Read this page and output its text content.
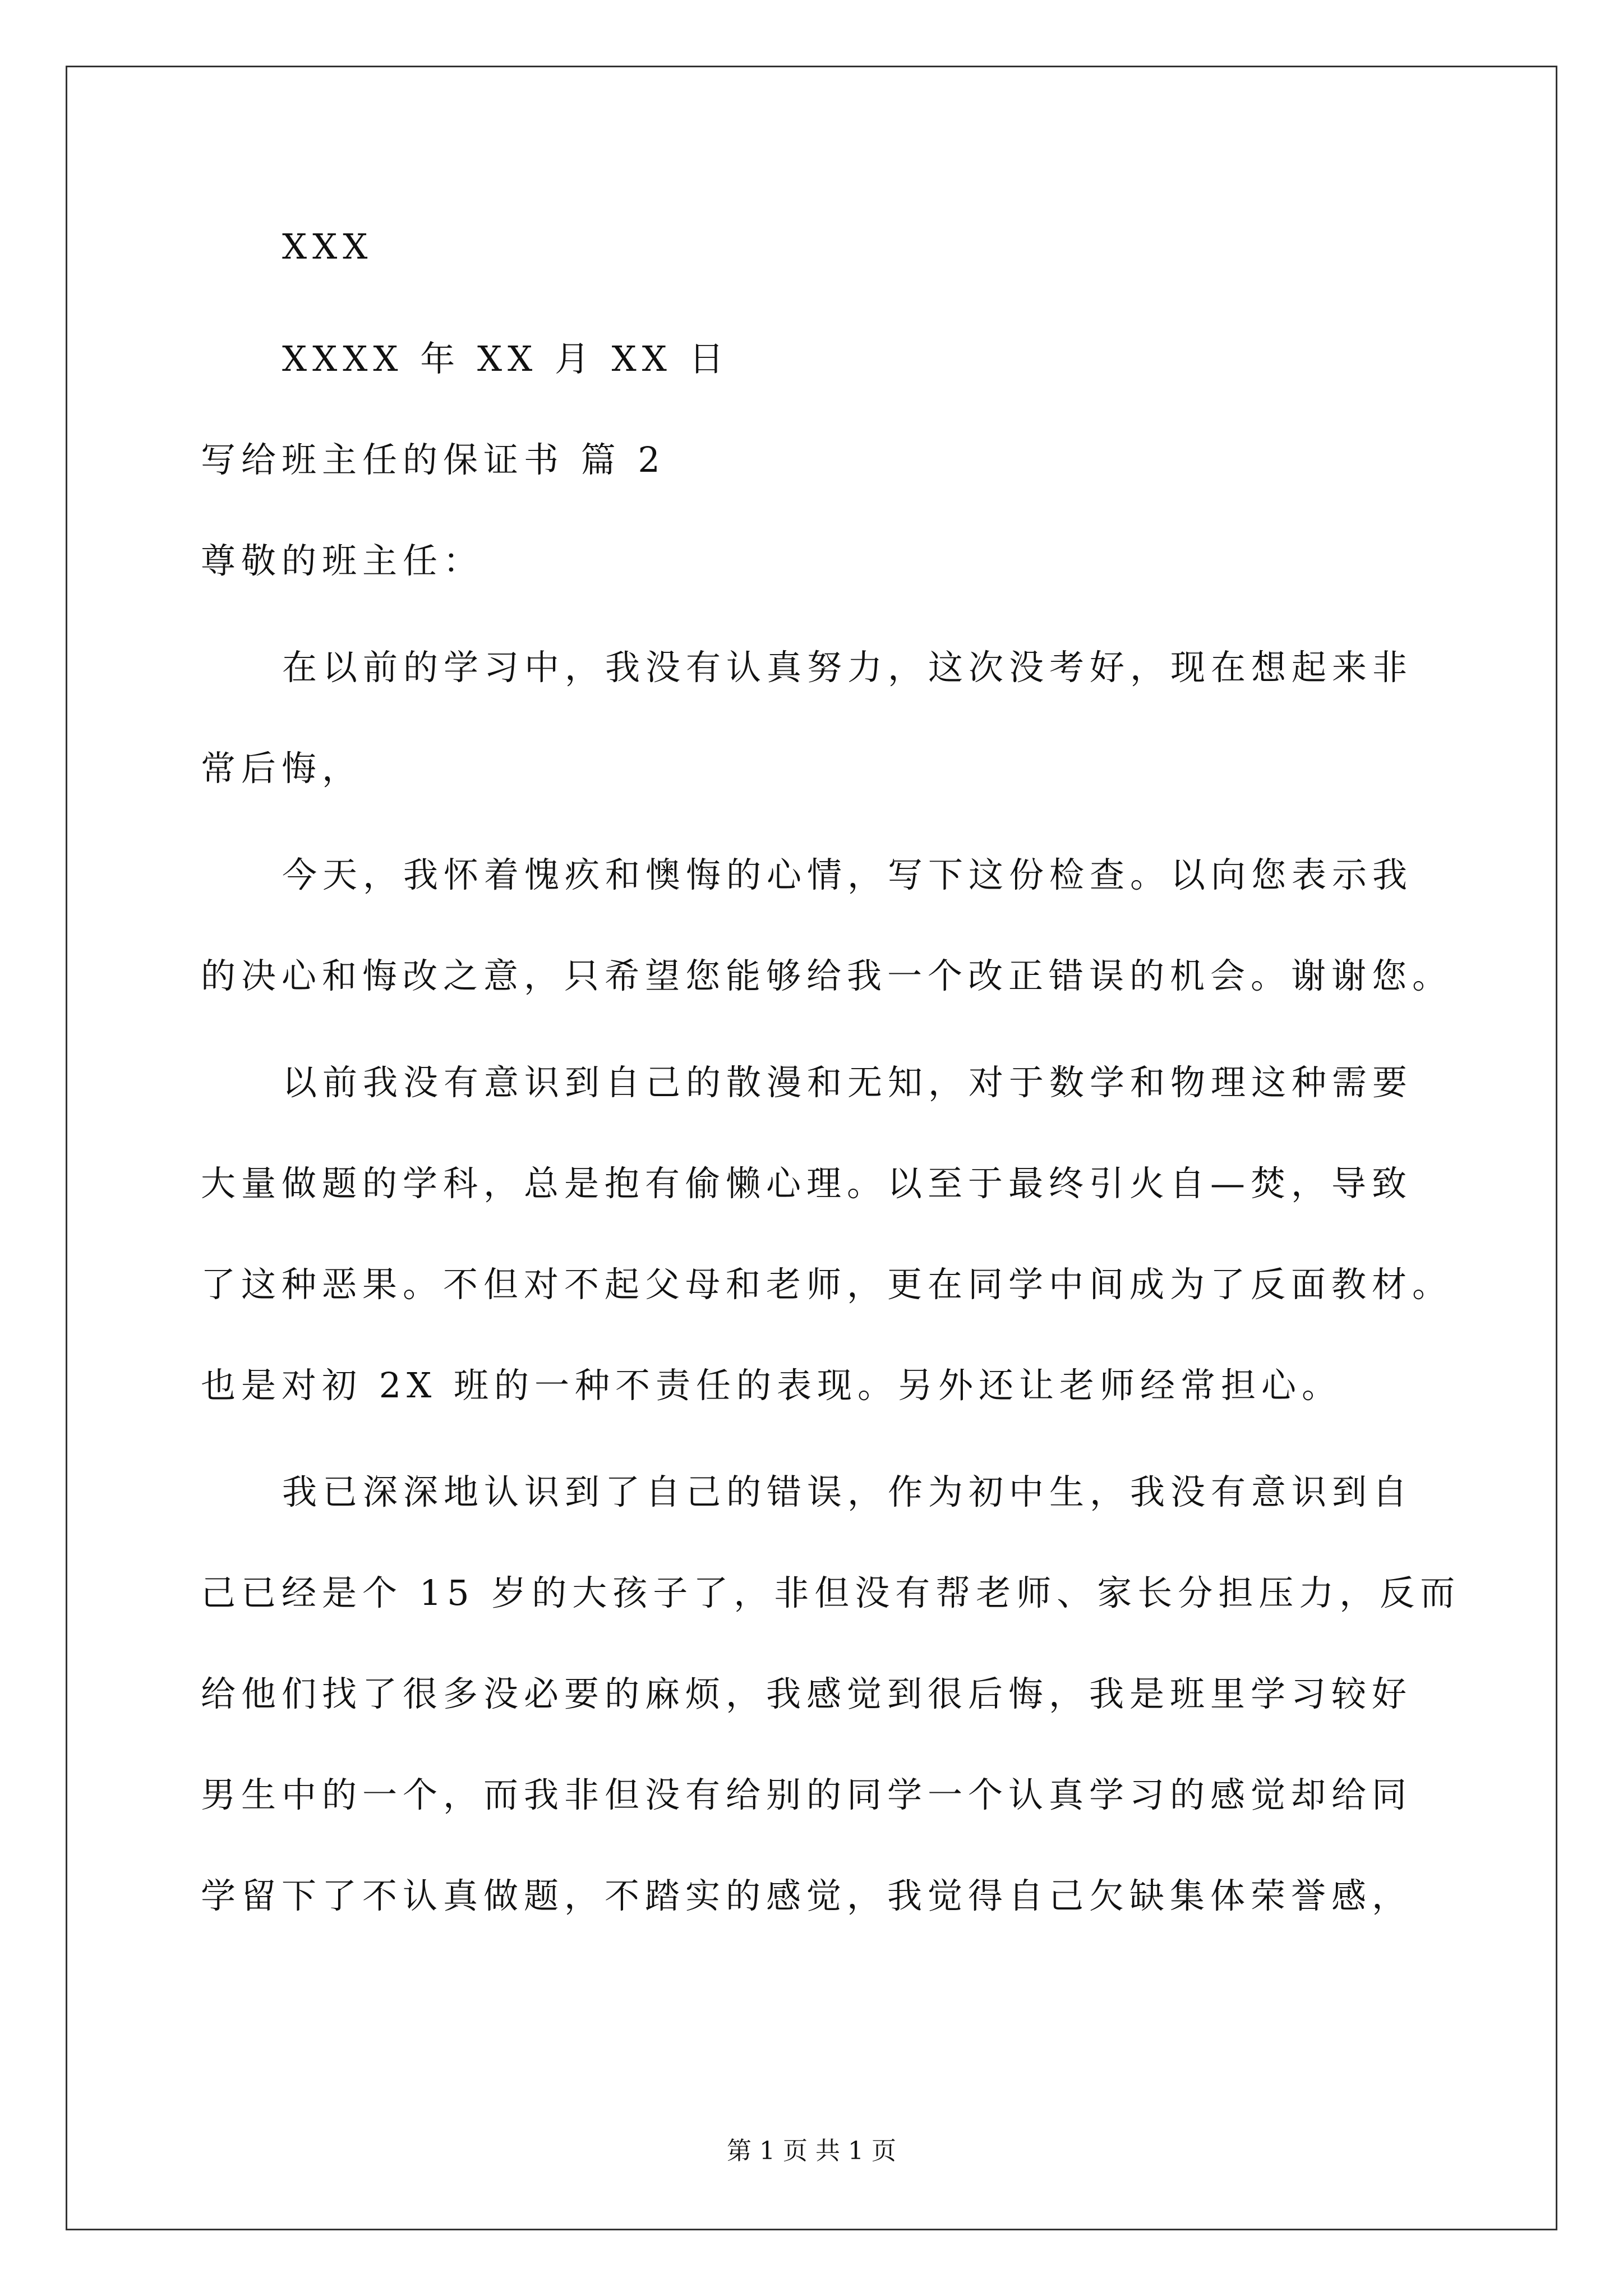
XXX
XXXX 年 XX 月 XX 日
写给班主任的保证书 篇 2
尊敬的班主任：
在以前的学习中，我没有认真努力，这次没考好，现在想起来非
常后悔，
今天，我怀着愧疚和懊悔的心情，写下这份检查。以向您表示我
的决心和悔改之意，只希望您能够给我一个改正错误的机会。谢谢您。
以前我没有意识到自己的散漫和无知，对于数学和物理这种需要
大量做题的学科，总是抱有偷懒心理。以至于最终引火自—焚，导致
了这种恶果。不但对不起父母和老师，更在同学中间成为了反面教材。
也是对初 2X 班的一种不责任的表现。另外还让老师经常担心。
我已深深地认识到了自己的错误，作为初中生，我没有意识到自
己已经是个 15 岁的大孩子了，非但没有帮老师、家长分担压力，反而
给他们找了很多没必要的麻烦，我感觉到很后悔，我是班里学习较好
男生中的一个，而我非但没有给别的同学一个认真学习的感觉却给同
学留下了不认真做题，不踏实的感觉，我觉得自己欠缺集体荣誉感，
第 1 页 共 1 页
